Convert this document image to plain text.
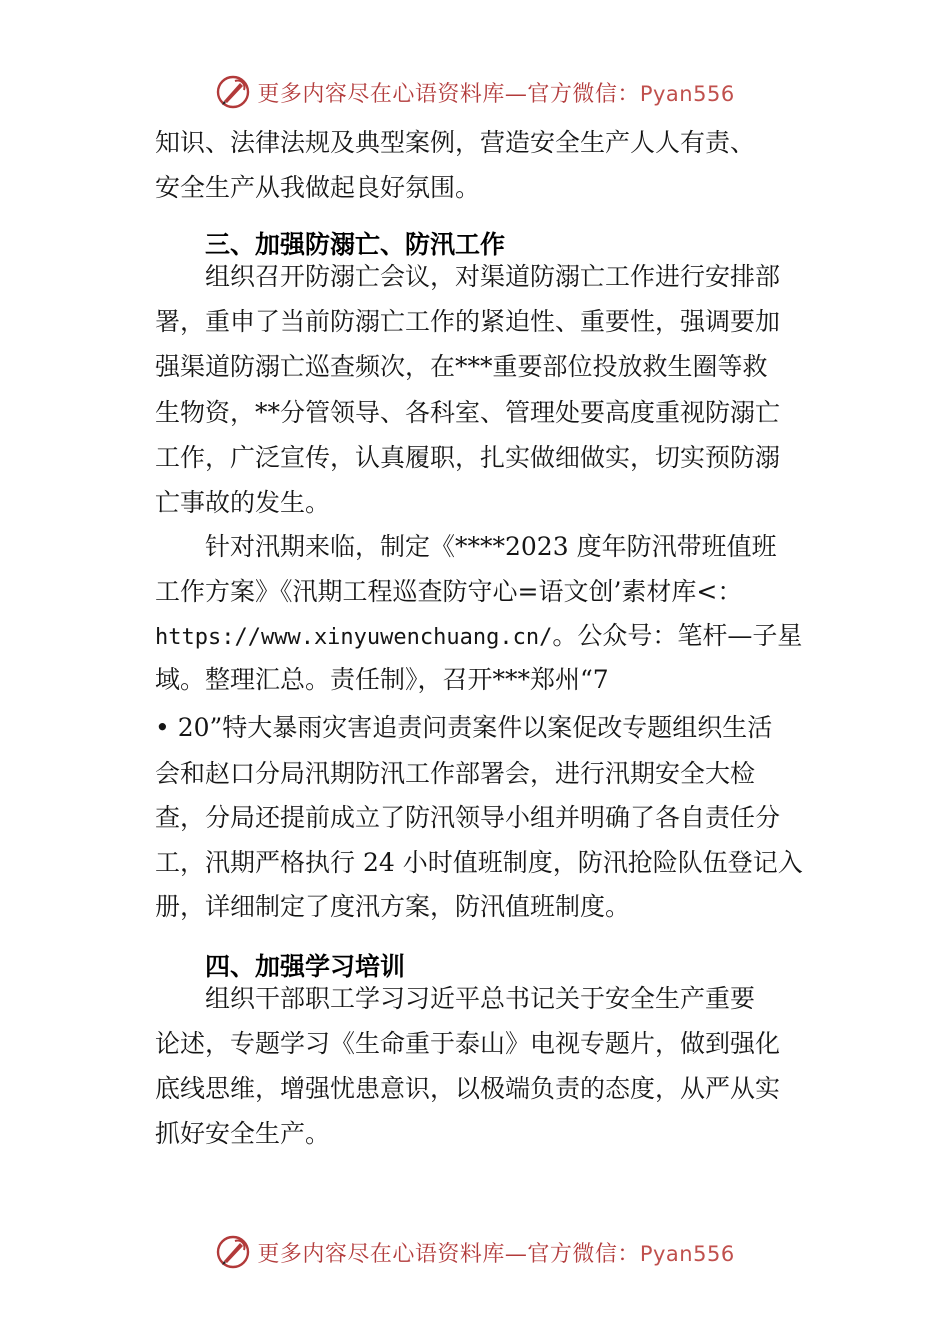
更多内容尽在心语资料库—官方微信：Pyan556
知识、法律法规及典型案例，营造安全生产人人有责、
安全生产从我做起良好氛围。
三、加强防溺亡、防汛工作
组织召开防溺亡会议，对渠道防溺亡工作进行安排部
署，重申了当前防溺亡工作的紧迫性、重要性，强调要加
强渠道防溺亡巡查频次，在***重要部位投放救生圈等救
生物资，**分管领导、各科室、管理处要高度重视防溺亡
工作，广泛宣传，认真履职，扎实做细做实，切实预防溺
亡事故的发生。
针对汛期来临，制定《****2023 度年防汛带班值班
工作方案》《汛期工程巡查防守心=语文创’素材库<：
https://www.xinyuwenchuang.cn/。公众号：笔杆—子星
域。整理汇总。责任制》，召开***郑州“7
• 20”特大暴雨灾害追责问责案件以案促改专题组织生活
会和赵口分局汛期防汛工作部署会，进行汛期安全大检
查，分局还提前成立了防汛领导小组并明确了各自责任分
工，汛期严格执行 24 小时值班制度，防汛抢险队伍登记入
册，详细制定了度汛方案，防汛值班制度。
四、加强学习培训
组织干部职工学习习近平总书记关于安全生产重要
论述，专题学习《生命重于泰山》电视专题片，做到强化
底线思维，增强忧患意识，以极端负责的态度，从严从实
抓好安全生产。
更多内容尽在心语资料库—官方微信：Pyan556
